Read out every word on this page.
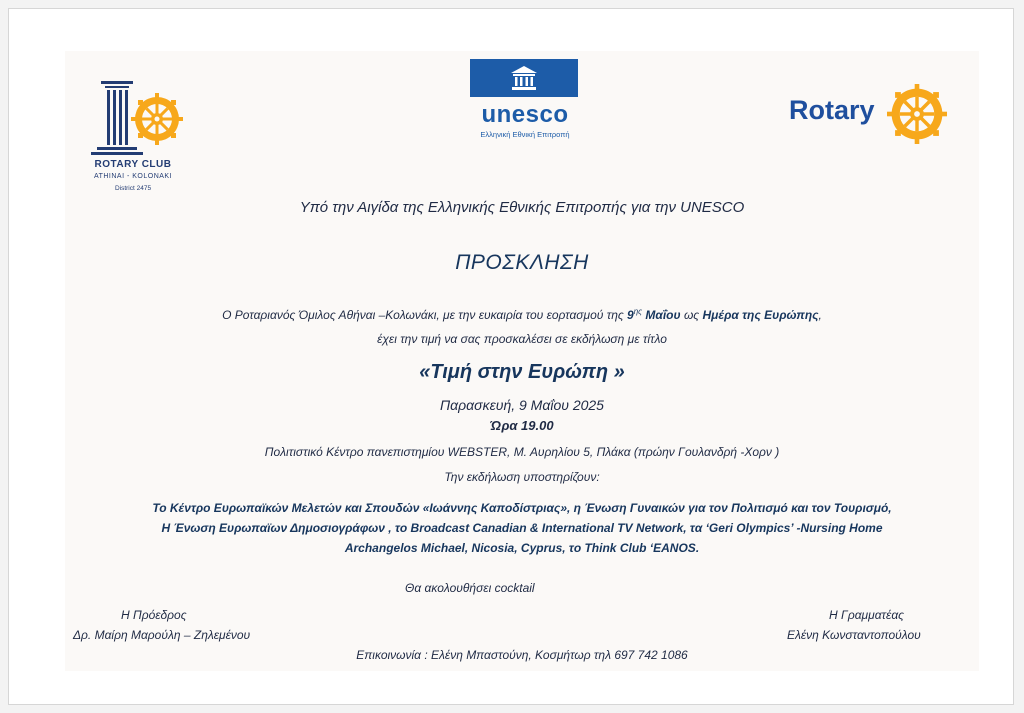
ROTARY CLUB
ATHINAI - KOLONAKI
District 2475
unesco
Ελληνική Εθνική Επιτροπή
Rotary
Υπό την Αιγίδα της Ελληνικής Εθνικής Επιτροπής για την UNESCO
ΠΡΟΣΚΛΗΣΗ
Ο Ροταριανός Όμιλος Αθήναι –Κολωνάκι, με την ευκαιρία του εορτασμού της $9^{\eta\varsigma}$ Μαΐου ως Ημέρα της Ευρώπης,
έχει την τιμή να σας προσκαλέσει σε εκδήλωση με τίτλο
«Τιμή στην Ευρώπη »
Παρασκευή, 9 Μαΐου 2025
Ώρα 19.00
Πολιτιστικό Κέντρο πανεπιστημίου WEBSTER, Μ. Αυρηλίου 5, Πλάκα (πρώην Γουλανδρή -Χορν )
Την εκδήλωση υποστηρίζουν:
Το Κέντρο Ευρωπαϊκών Μελετών και Σπουδών «Ιωάννης Καποδίστριας», η Ένωση Γυναικών για τον Πολιτισμό και τον Τουρισμό,
Η Ένωση Ευρωπαϊων Δημοσιογράφων , το Broadcast Canadian & International TV Network, τα ‘Geri Olympics’ -Nursing Home
Archangelos Michael, Nicosia, Cyprus, το Think Club ‘EANOS.
Θα ακολουθήσει cocktail
Η Πρόεδρος
Δρ. Μαίρη Μαρούλη – Ζηλεμένου
Η Γραμματέας
Ελένη Κωνσταντοπούλου
Επικοινωνία : Ελένη Μπαστούνη, Κοσμήτωρ τηλ 697 742 1086
